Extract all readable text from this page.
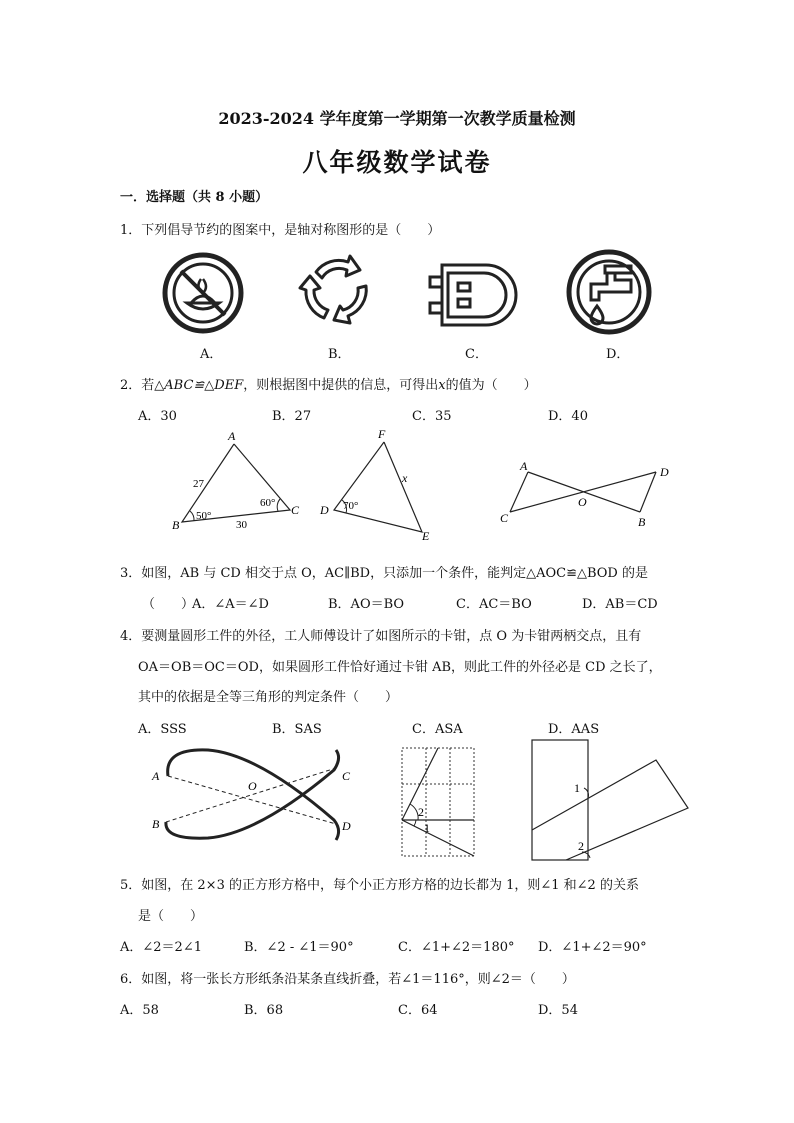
2023-2024 学年度第一学期第一次教学质量检测
八年级数学试卷
一．选择题（共 8 小题）
1．下列倡导节约的图案中，是轴对称图形的是（　　）
A．	B．	C．	D．
2．若△ABC≌△DEF，则根据图中提供的信息，可得出x的值为（　　）
A．30	B．27	C．35	D．40
A
B
C
27
30
50°
60°
F
D
E
x
70°
A
C
D
B
O
3．如图，AB 与 CD 相交于点 O，AC∥BD，只添加一个条件，能判定△AOC≌△BOD 的是
（　　）
A．∠A＝∠D	B．AO＝BO	C．AC＝BO	D．AB＝CD
4．要测量圆形工件的外径，工人师傅设计了如图所示的卡钳，点 O 为卡钳两柄交点，且有
OA＝OB＝OC＝OD，如果圆形工件恰好通过卡钳 AB，则此工件的外径必是 CD 之长了，
其中的依据是全等三角形的判定条件（　　）
A．SSS	B．SAS	C．ASA	D．AAS
A
B
C
D
O
2
1
1
2
5．如图，在 2×3 的正方形方格中，每个小正方形方格的边长都为 1，则∠1 和∠2 的关系
是（　　）
A．∠2＝2∠1	B．∠2 - ∠1＝90°	C．∠1+∠2＝180° D．∠1+∠2＝90°
6．如图，将一张长方形纸条沿某条直线折叠，若∠1＝116°，则∠2＝（　　）
A．58	B．68	C．64	D．54
